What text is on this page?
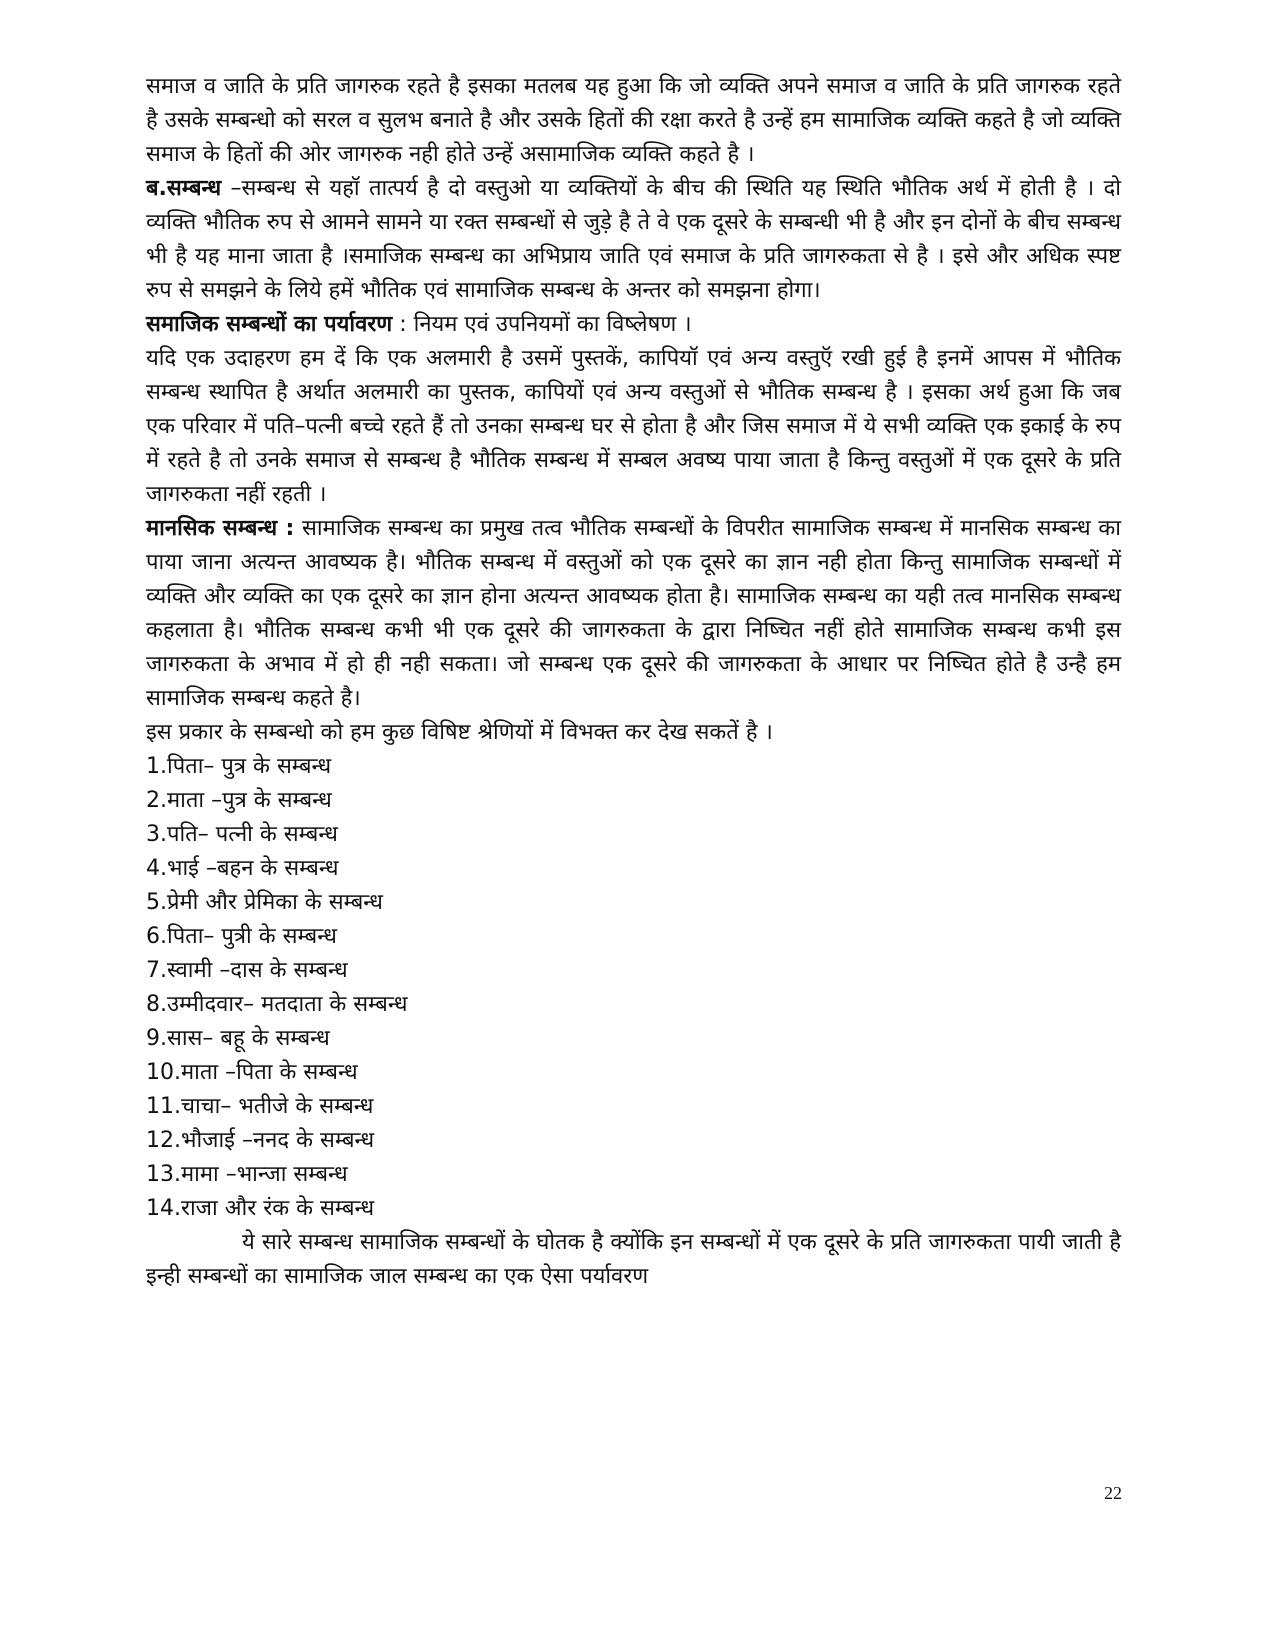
समाज व जाति के प्रति जागरुक रहते है इसका मतलब यह हुआ कि जो व्यक्ति अपने समाज व जाति के प्रति जागरुक रहते है उसके सम्बन्धो को सरल व सुलभ बनाते है और उसके हितों की रक्षा करते है उन्हें हम सामाजिक व्यक्ति कहते है जो व्यक्ति समाज के हितों की ओर जागरुक नही होते उन्हें असामाजिक व्यक्ति कहते है ।

ब.सम्बन्ध –सम्बन्ध से यहॉ तात्पर्य है दो वस्तुओ या व्यक्तियों के बीच की स्थिति यह स्थिति भौतिक अर्थ में होती है । दो व्यक्ति भौतिक रुप से आमने सामने या रक्त सम्बन्धों से जुड़े है ते वे एक दूसरे के सम्बन्धी भी है और इन दोनों के बीच सम्बन्ध भी है यह माना जाता है ।समाजिक सम्बन्ध का अभिप्राय जाति एवं समाज के प्रति जागरुकता से है । इसे और अधिक स्पष्ट रुप से समझने के लिये हमें भौतिक एवं सामाजिक सम्बन्ध के अन्तर को समझना होगा।

समाजिक सम्बन्धों का पर्यावरण : नियम एवं उपनियमों का विष्लेषण ।

यदि एक उदाहरण हम दें कि एक अलमारी है उसमें पुस्तकें, कापियॉ एवं अन्य वस्तुऍ रखी हुई है इनमें आपस में भौतिक सम्बन्ध स्थापित है अर्थात अलमारी का पुस्तक, कापियों एवं अन्य वस्तुओं से भौतिक सम्बन्ध है । इसका अर्थ हुआ कि जब एक परिवार में पति–पत्नी बच्चे रहते हैं तो उनका सम्बन्ध घर से होता है और जिस समाज में ये सभी व्यक्ति एक इकाई के रुप में रहते है तो उनके समाज से सम्बन्ध है भौतिक सम्बन्ध में सम्बल अवष्य पाया जाता है किन्तु वस्तुओं में एक दूसरे के प्रति जागरुकता नहीं रहती ।

मानसिक सम्बन्ध : सामाजिक सम्बन्ध का प्रमुख तत्व भौतिक सम्बन्धों के विपरीत सामाजिक सम्बन्ध में मानसिक सम्बन्ध का पाया जाना अत्यन्त आवष्यक है। भौतिक सम्बन्ध में वस्तुओं को एक दूसरे का ज्ञान नही होता किन्तु सामाजिक सम्बन्धों में व्यक्ति और व्यक्ति का एक दूसरे का ज्ञान होना अत्यन्त आवष्यक होता है। सामाजिक सम्बन्ध का यही तत्व मानसिक सम्बन्ध कहलाता है। भौतिक सम्बन्ध कभी भी एक दूसरे की जागरुकता के द्वारा निष्चित नहीं होते सामाजिक सम्बन्ध कभी इस जागरुकता के अभाव में हो ही नही सकता। जो सम्बन्ध एक दूसरे की जागरुकता के आधार पर निष्चित होते है उन्है हम सामाजिक सम्बन्ध कहते है।

इस प्रकार के सम्बन्धो को हम कुछ विषिष्ट श्रेणियों में विभक्त कर देख सकतें है ।

1.पिता– पुत्र के सम्बन्ध
2.माता –पुत्र के सम्बन्ध
3.पति– पत्नी के सम्बन्ध
4.भाई –बहन के सम्बन्ध
5.प्रेमी और प्रेमिका के सम्बन्ध
6.पिता– पुत्री के सम्बन्ध
7.स्वामी –दास के सम्बन्ध
8.उम्मीदवार– मतदाता के सम्बन्ध
9.सास– बहू के सम्बन्ध
10.माता –पिता के सम्बन्ध
11.चाचा– भतीजे के सम्बन्ध
12.भौजाई –ननद के सम्बन्ध
13.मामा –भान्जा सम्बन्ध
14.राजा और रंक के सम्बन्ध

ये सारे सम्बन्ध सामाजिक सम्बन्धों के घोतक है क्योंकि इन सम्बन्धों में एक दूसरे के प्रति जागरुकता पायी जाती है इन्ही सम्बन्धों का सामाजिक जाल सम्बन्ध का एक ऐसा पर्यावरण

22
